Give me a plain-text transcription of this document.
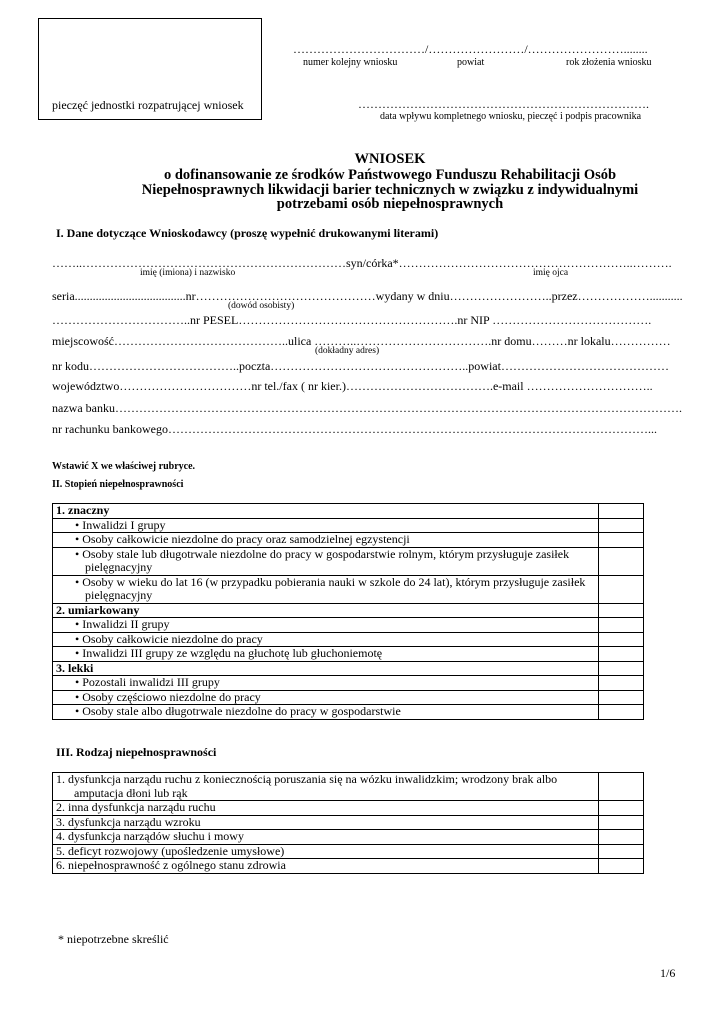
pieczęć jednostki rozpatrującej wniosek
……………………………/……………………/……………………........
numer kolejny wniosku	powiat	rok złożenia wniosku
……………………………………………………………….
data wpływu kompletnego wniosku, pieczęć i podpis pracownika
WNIOSEK
o dofinansowanie ze środków Państwowego Funduszu Rehabilitacji Osób
Niepełnosprawnych likwidacji barier technicznych w związku z indywidualnymi
potrzebami osób niepełnosprawnych
I. Dane dotyczące Wnioskodawcy (proszę wypełnić drukowanymi literami)
……..…………………………………………………………syn/córka*…………………………………………………..……….
imię (imiona) i nazwisko	imię ojca
seria.....................................nr………………………………………wydany w dniu……………………..przez………………...........
(dowód osobisty)
……………………………..nr PESEL……………………………………………….nr NIP ………………………………….
miejscowość……………………………………..ulica ………..…………………………….nr domu………nr lokalu……………
(dokładny adres)
nr kodu………………………………..poczta…………………………………………..powiat……………………………………
województwo……………………………nr tel./fax ( nr kier.)……………………………….e-mail …………………………..
nazwa banku…………………………………………………………………………………………………………………………….
nr rachunku bankowego…………………………………………………………………………………………………………...
Wstawić X we właściwej rubryce.
II. Stopień niepełnosprawności
1. znaczny	
• Inwalidzi I grupy	
• Osoby całkowicie niezdolne do pracy oraz samodzielnej egzystencji	

• Osoby stale lub długotrwale niezdolne do pracy w gospodarstwie rolnym, którym przysługuje zasiłek pielęgnacyjny	

• Osoby w wieku do lat 16 (w przypadku pobierania nauki w szkole do 24 lat), którym przysługuje zasiłek pielęgnacyjny	

2. umiarkowany	
• Inwalidzi II grupy	
• Osoby całkowicie niezdolne do pracy	
• Inwalidzi III grupy ze względu na głuchotę lub głuchoniemotę	
3. lekki	
• Pozostali inwalidzi III grupy	
• Osoby częściowo niezdolne do pracy	
• Osoby stale albo długotrwale niezdolne do pracy w gospodarstwie	
III. Rodzaj niepełnosprawności
1. dysfunkcja narządu ruchu z koniecznością poruszania się na wózku inwalidzkim; wrodzony brak albo amputacja dłoni lub rąk	

2. inna dysfunkcja narządu ruchu	
3. dysfunkcja narządu wzroku	
4. dysfunkcja narządów słuchu i mowy	
5. deficyt rozwojowy (upośledzenie umysłowe)	
6. niepełnosprawność z ogólnego stanu zdrowia	
* niepotrzebne skreślić
1/6
